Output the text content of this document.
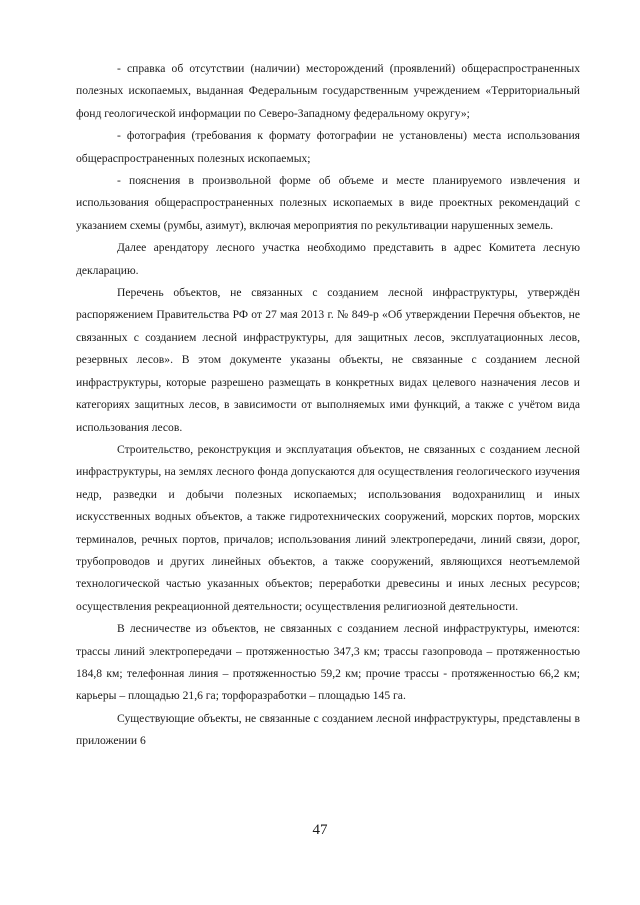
- справка об отсутствии (наличии) месторождений (проявлений) общераспространенных полезных ископаемых, выданная Федеральным государственным учреждением «Территориальный фонд геологической информации по Северо-Западному федеральному округу»;

- фотография (требования к формату фотографии не установлены) места использования общераспространенных полезных ископаемых;

- пояснения в произвольной форме об объеме и месте планируемого извлечения и использования общераспространенных полезных ископаемых в виде проектных рекомендаций с указанием схемы (румбы, азимут), включая мероприятия по рекультивации нарушенных земель.

Далее арендатору лесного участка необходимо представить в адрес Комитета лесную декларацию.

Перечень объектов, не связанных с созданием лесной инфраструктуры, утверждён распоряжением Правительства РФ от 27 мая 2013 г. № 849-р «Об утверждении Перечня объектов, не связанных с созданием лесной инфраструктуры, для защитных лесов, эксплуатационных лесов, резервных лесов». В этом документе указаны объекты, не связанные с созданием лесной инфраструктуры, которые разрешено размещать в конкретных видах целевого назначения лесов и категориях защитных лесов, в зависимости от выполняемых ими функций, а также с учётом вида использования лесов.

Строительство, реконструкция и эксплуатация объектов, не связанных с созданием лесной инфраструктуры, на землях лесного фонда допускаются для осуществления геологического изучения недр, разведки и добычи полезных ископаемых; использования водохранилищ и иных искусственных водных объектов, а также гидротехнических сооружений, морских портов, морских терминалов, речных портов, причалов; использования линий электропередачи, линий связи, дорог, трубопроводов и других линейных объектов, а также сооружений, являющихся неотъемлемой технологической частью указанных объектов; переработки древесины и иных лесных ресурсов; осуществления рекреационной деятельности; осуществления религиозной деятельности.

В лесничестве из объектов, не связанных с созданием лесной инфраструктуры, имеются: трассы линий электропередачи – протяженностью 347,3 км; трассы газопровода – протяженностью 184,8 км; телефонная линия – протяженностью 59,2 км; прочие трассы - протяженностью 66,2 км; карьеры – площадью 21,6 га; торфоразработки – площадью 145 га.

Существующие объекты, не связанные с созданием лесной инфраструктуры, представлены в приложении 6

47
